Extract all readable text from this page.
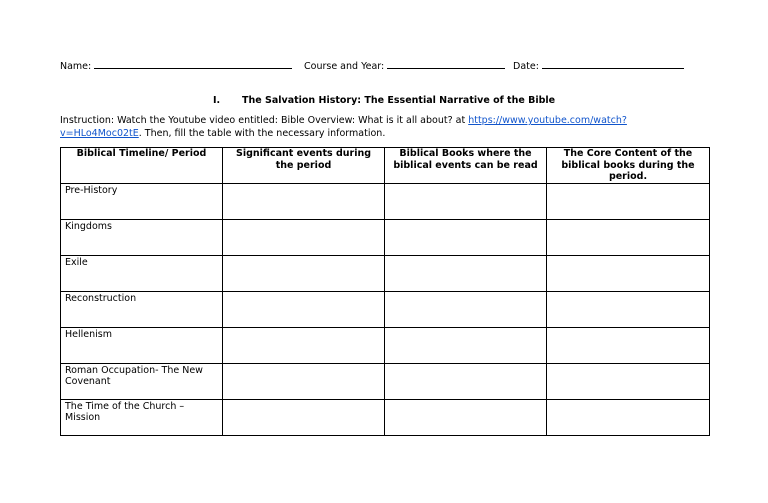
Name:	Course and Year:	Date:
I. The Salvation History: The Essential Narrative of the Bible
Instruction: Watch the Youtube video entitled: Bible Overview: What is it all about? at https://www.youtube.com/watch?
v=HLo4Moc02tE. Then, fill the table with the necessary information.
Biblical Timeline/ Period	Significant events during the period	Biblical Books where the biblical events can be read	The Core Content of the biblical books during the period.
Pre-History			
Kingdoms			
Exile			
Reconstruction			
Hellenism			
Roman Occupation- The New Covenant			
The Time of the Church – Mission			
